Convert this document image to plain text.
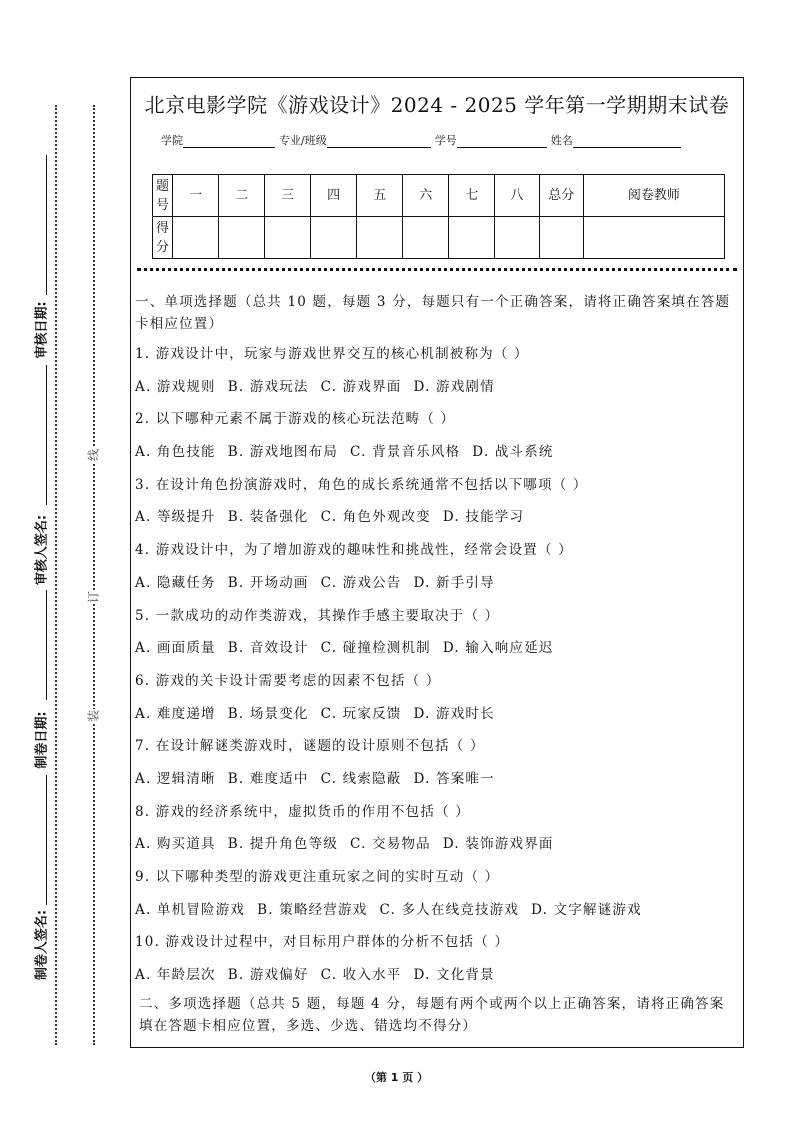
审核日期:
审核人签名:
制卷日期:
制卷人签名:
线
订
装
北京电影学院《游戏设计》2024 - 2025 学年第一学期期末试卷
学院	专业/班级	学号	姓名
题号	一	二	三	四	五	六	七	八	总分	阅卷教师
得分										
一、单项选择题（总共 10 题，每题 3 分，每题只有一个正确答案，请将正确答案填在答题卡相应位置）
1. 游戏设计中，玩家与游戏世界交互的核心机制被称为（ ）
A. 游戏规则 B. 游戏玩法 C. 游戏界面 D. 游戏剧情
2. 以下哪种元素不属于游戏的核心玩法范畴（ ）
A. 角色技能 B. 游戏地图布局 C. 背景音乐风格 D. 战斗系统
3. 在设计角色扮演游戏时，角色的成长系统通常不包括以下哪项（ ）
A. 等级提升 B. 装备强化 C. 角色外观改变 D. 技能学习
4. 游戏设计中，为了增加游戏的趣味性和挑战性，经常会设置（ ）
A. 隐藏任务 B. 开场动画 C. 游戏公告 D. 新手引导
5. 一款成功的动作类游戏，其操作手感主要取决于（ ）
A. 画面质量 B. 音效设计 C. 碰撞检测机制 D. 输入响应延迟
6. 游戏的关卡设计需要考虑的因素不包括（ ）
A. 难度递增 B. 场景变化 C. 玩家反馈 D. 游戏时长
7. 在设计解谜类游戏时，谜题的设计原则不包括（ ）
A. 逻辑清晰 B. 难度适中 C. 线索隐蔽 D. 答案唯一
8. 游戏的经济系统中，虚拟货币的作用不包括（ ）
A. 购买道具 B. 提升角色等级 C. 交易物品 D. 装饰游戏界面
9. 以下哪种类型的游戏更注重玩家之间的实时互动（ ）
A. 单机冒险游戏 B. 策略经营游戏 C. 多人在线竞技游戏 D. 文字解谜游戏
10. 游戏设计过程中，对目标用户群体的分析不包括（ ）
A. 年龄层次 B. 游戏偏好 C. 收入水平 D. 文化背景
二、多项选择题（总共 5 题，每题 4 分，每题有两个或两个以上正确答案，请将正确答案填在答题卡相应位置，多选、少选、错选均不得分）
（第 1 页 ）
